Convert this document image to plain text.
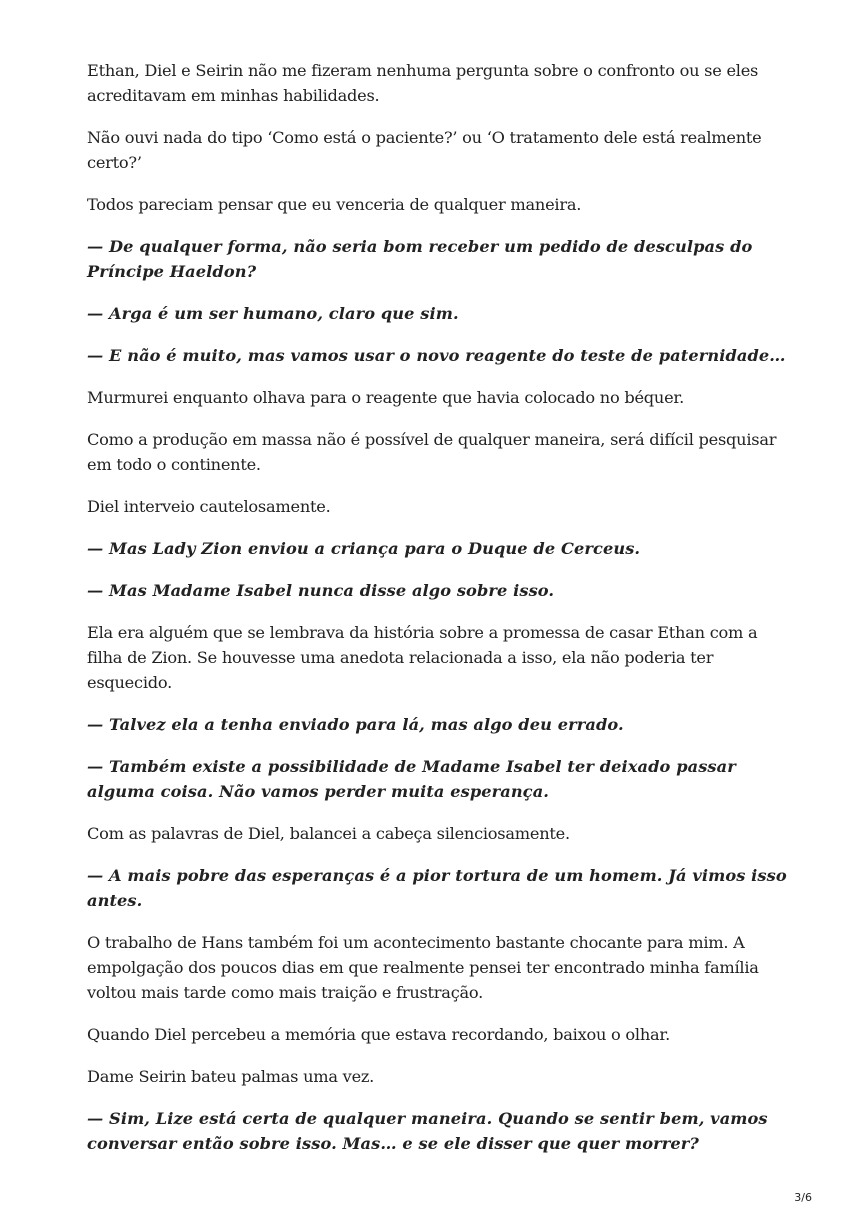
Ethan, Diel e Seirin não me fizeram nenhuma pergunta sobre o confronto ou se eles acreditavam em minhas habilidades.

Não ouvi nada do tipo ‘Como está o paciente?’ ou ‘O tratamento dele está realmente certo?’

Todos pareciam pensar que eu venceria de qualquer maneira.

— De qualquer forma, não seria bom receber um pedido de desculpas do Príncipe Haeldon?

— Arga é um ser humano, claro que sim.

— E não é muito, mas vamos usar o novo reagente do teste de paternidade…

Murmurei enquanto olhava para o reagente que havia colocado no béquer.

Como a produção em massa não é possível de qualquer maneira, será difícil pesquisar em todo o continente.

Diel interveio cautelosamente.

— Mas Lady Zion enviou a criança para o Duque de Cerceus.

— Mas Madame Isabel nunca disse algo sobre isso.

Ela era alguém que se lembrava da história sobre a promessa de casar Ethan com a filha de Zion. Se houvesse uma anedota relacionada a isso, ela não poderia ter esquecido.

— Talvez ela a tenha enviado para lá, mas algo deu errado.

— Também existe a possibilidade de Madame Isabel ter deixado passar alguma coisa. Não vamos perder muita esperança.

Com as palavras de Diel, balancei a cabeça silenciosamente.

— A mais pobre das esperanças é a pior tortura de um homem. Já vimos isso antes.

O trabalho de Hans também foi um acontecimento bastante chocante para mim. A empolgação dos poucos dias em que realmente pensei ter encontrado minha família voltou mais tarde como mais traição e frustração.

Quando Diel percebeu a memória que estava recordando, baixou o olhar.

Dame Seirin bateu palmas uma vez.

— Sim, Lize está certa de qualquer maneira. Quando se sentir bem, vamos conversar então sobre isso. Mas… e se ele disser que quer morrer?

3/6
